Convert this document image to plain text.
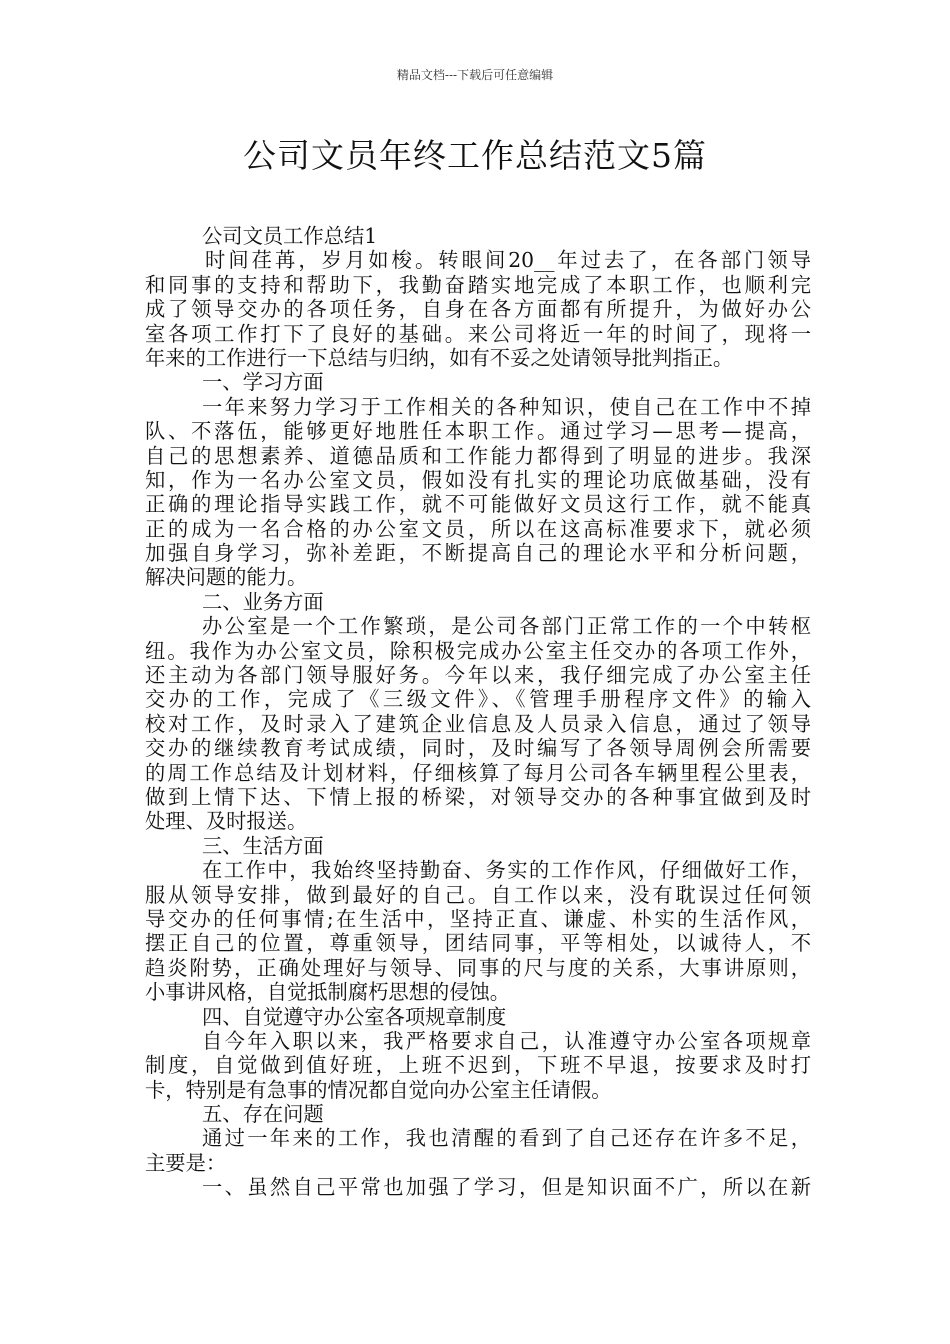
精品文档---下载后可任意编辑
公司文员年终工作总结范文5篇
公司文员工作总结1
时间荏苒，岁月如梭。转眼间20__年过去了，在各部门领导
和同事的支持和帮助下，我勤奋踏实地完成了本职工作，也顺利完
成了领导交办的各项任务，自身在各方面都有所提升，为做好办公
室各项工作打下了良好的基础。来公司将近一年的时间了，现将一
年来的工作进行一下总结与归纳，如有不妥之处请领导批判指正。
一、学习方面
一年来努力学习于工作相关的各种知识，使自己在工作中不掉
队、不落伍，能够更好地胜任本职工作。通过学习—思考—提高，
自己的思想素养、道德品质和工作能力都得到了明显的进步。我深
知，作为一名办公室文员，假如没有扎实的理论功底做基础，没有
正确的理论指导实践工作，就不可能做好文员这行工作，就不能真
正的成为一名合格的办公室文员，所以在这高标准要求下，就必须
加强自身学习，弥补差距，不断提高自己的理论水平和分析问题，
解决问题的能力。
二、业务方面
办公室是一个工作繁琐，是公司各部门正常工作的一个中转枢
纽。我作为办公室文员，除积极完成办公室主任交办的各项工作外，
还主动为各部门领导服好务。今年以来，我仔细完成了办公室主任
交办的工作，完成了《三级文件》、《管理手册程序文件》的输入
校对工作，及时录入了建筑企业信息及人员录入信息，通过了领导
交办的继续教育考试成绩，同时，及时编写了各领导周例会所需要
的周工作总结及计划材料，仔细核算了每月公司各车辆里程公里表，
做到上情下达、下情上报的桥梁，对领导交办的各种事宜做到及时
处理、及时报送。
三、生活方面
在工作中，我始终坚持勤奋、务实的工作作风，仔细做好工作，
服从领导安排，做到最好的自己。自工作以来，没有耽误过任何领
导交办的任何事情;在生活中，坚持正直、谦虚、朴实的生活作风，
摆正自己的位置，尊重领导，团结同事，平等相处，以诚待人，不
趋炎附势，正确处理好与领导、同事的尺与度的关系，大事讲原则，
小事讲风格，自觉抵制腐朽思想的侵蚀。
四、自觉遵守办公室各项规章制度
自今年入职以来，我严格要求自己，认准遵守办公室各项规章
制度，自觉做到值好班，上班不迟到，下班不早退，按要求及时打
卡，特别是有急事的情况都自觉向办公室主任请假。
五、存在问题
通过一年来的工作，我也清醒的看到了自己还存在许多不足，
主要是：
一、虽然自己平常也加强了学习，但是知识面不广，所以在新
